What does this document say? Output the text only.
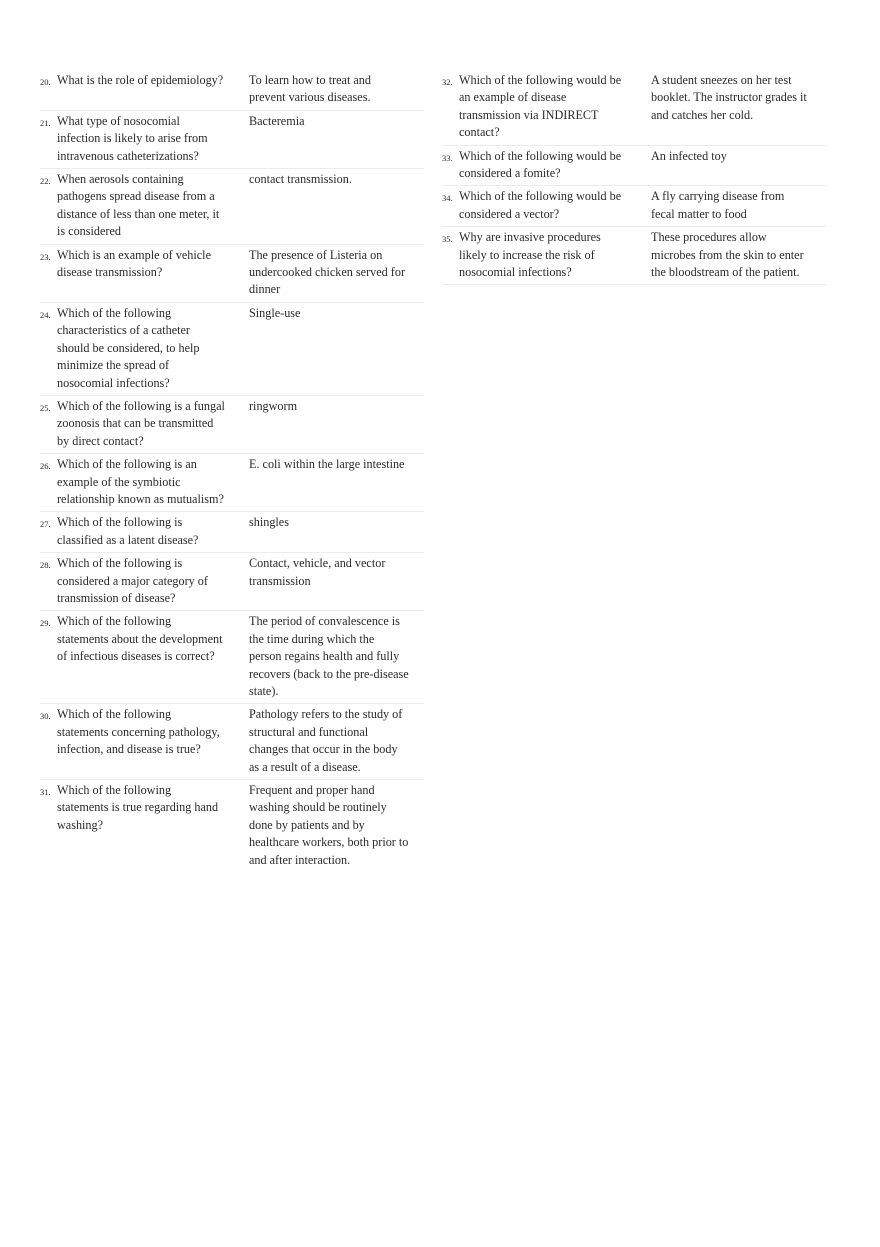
20. What is the role of epidemiology? To learn how to treat and prevent various diseases.
21. What type of nosocomial infection is likely to arise from intravenous catheterizations?
Bacteremia
22. When aerosols containing pathogens spread disease from a distance of less than one meter, it is considered
contact transmission.
23. Which is an example of vehicle disease transmission?
The presence of Listeria on undercooked chicken served for dinner
24. Which of the following characteristics of a catheter should be considered, to help minimize the spread of nosocomial infections?
Single-use
25. Which of the following is a fungal zoonosis that can be transmitted by direct contact?
ringworm
26. Which of the following is an example of the symbiotic relationship known as mutualism?
E. coli within the large intestine
27. Which of the following is classified as a latent disease?
shingles
28. Which of the following is considered a major category of transmission of disease?
Contact, vehicle, and vector transmission
29. Which of the following statements about the development of infectious diseases is correct?
The period of convalescence is the time during which the person regains health and fully recovers (back to the pre-disease state).
30. Which of the following statements concerning pathology, infection, and disease is true?
Pathology refers to the study of structural and functional changes that occur in the body as a result of a disease.
31. Which of the following statements is true regarding hand washing?
Frequent and proper hand washing should be routinely done by patients and by healthcare workers, both prior to and after interaction.
32. Which of the following would be an example of disease transmission via INDIRECT contact?
A student sneezes on her test booklet. The instructor grades it and catches her cold.
33. Which of the following would be considered a fomite?
An infected toy
34. Which of the following would be considered a vector?
A fly carrying disease from fecal matter to food
35. Why are invasive procedures likely to increase the risk of nosocomial infections?
These procedures allow microbes from the skin to enter the bloodstream of the patient.
